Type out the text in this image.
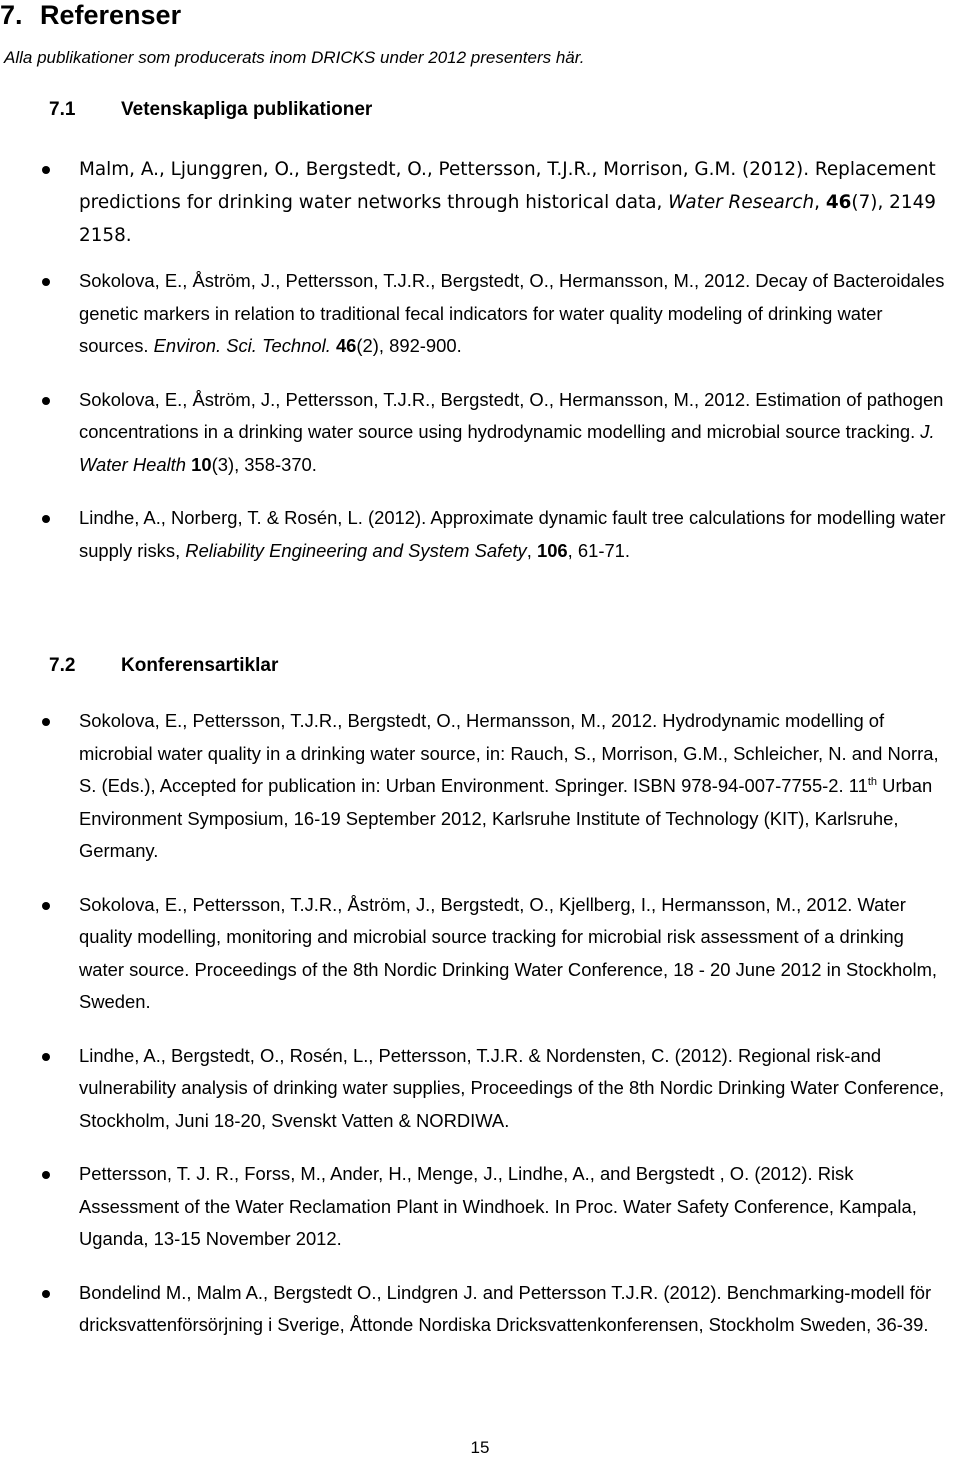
7. Referenser
Alla publikationer som producerats inom DRICKS under 2012 presenters här.
7.1 Vetenskapliga publikationer
Malm, A., Ljunggren, O., Bergstedt, O., Pettersson, T.J.R., Morrison, G.M. (2012). Replacement predictions for drinking water networks through historical data, Water Research, 46(7), 2149 2158.
Sokolova, E., Åström, J., Pettersson, T.J.R., Bergstedt, O., Hermansson, M., 2012. Decay of Bacteroidales genetic markers in relation to traditional fecal indicators for water quality modeling of drinking water sources. Environ. Sci. Technol. 46(2), 892-900.
Sokolova, E., Åström, J., Pettersson, T.J.R., Bergstedt, O., Hermansson, M., 2012. Estimation of pathogen concentrations in a drinking water source using hydrodynamic modelling and microbial source tracking. J. Water Health 10(3), 358-370.
Lindhe, A., Norberg, T. & Rosén, L. (2012). Approximate dynamic fault tree calculations for modelling water supply risks, Reliability Engineering and System Safety, 106, 61-71.
7.2 Konferensartiklar
Sokolova, E., Pettersson, T.J.R., Bergstedt, O., Hermansson, M., 2012. Hydrodynamic modelling of microbial water quality in a drinking water source, in: Rauch, S., Morrison, G.M., Schleicher, N. and Norra, S. (Eds.), Accepted for publication in: Urban Environment. Springer. ISBN 978-94-007-7755-2. 11th Urban Environment Symposium, 16-19 September 2012, Karlsruhe Institute of Technology (KIT), Karlsruhe, Germany.
Sokolova, E., Pettersson, T.J.R., Åström, J., Bergstedt, O., Kjellberg, I., Hermansson, M., 2012. Water quality modelling, monitoring and microbial source tracking for microbial risk assessment of a drinking water source. Proceedings of the 8th Nordic Drinking Water Conference, 18 - 20 June 2012 in Stockholm, Sweden.
Lindhe, A., Bergstedt, O., Rosén, L., Pettersson, T.J.R. & Nordensten, C. (2012). Regional risk-and vulnerability analysis of drinking water supplies, Proceedings of the 8th Nordic Drinking Water Conference, Stockholm, Juni 18-20, Svenskt Vatten & NORDIWA.
Pettersson, T. J. R., Forss, M., Ander, H., Menge, J., Lindhe, A., and Bergstedt , O. (2012). Risk Assessment of the Water Reclamation Plant in Windhoek. In Proc. Water Safety Conference, Kampala, Uganda, 13-15 November 2012.
Bondelind M., Malm A., Bergstedt O., Lindgren J. and Pettersson T.J.R. (2012). Benchmarking-modell för dricksvattenförsörjning i Sverige, Åttonde Nordiska Dricksvattenkonferensen, Stockholm Sweden, 36-39.
15
